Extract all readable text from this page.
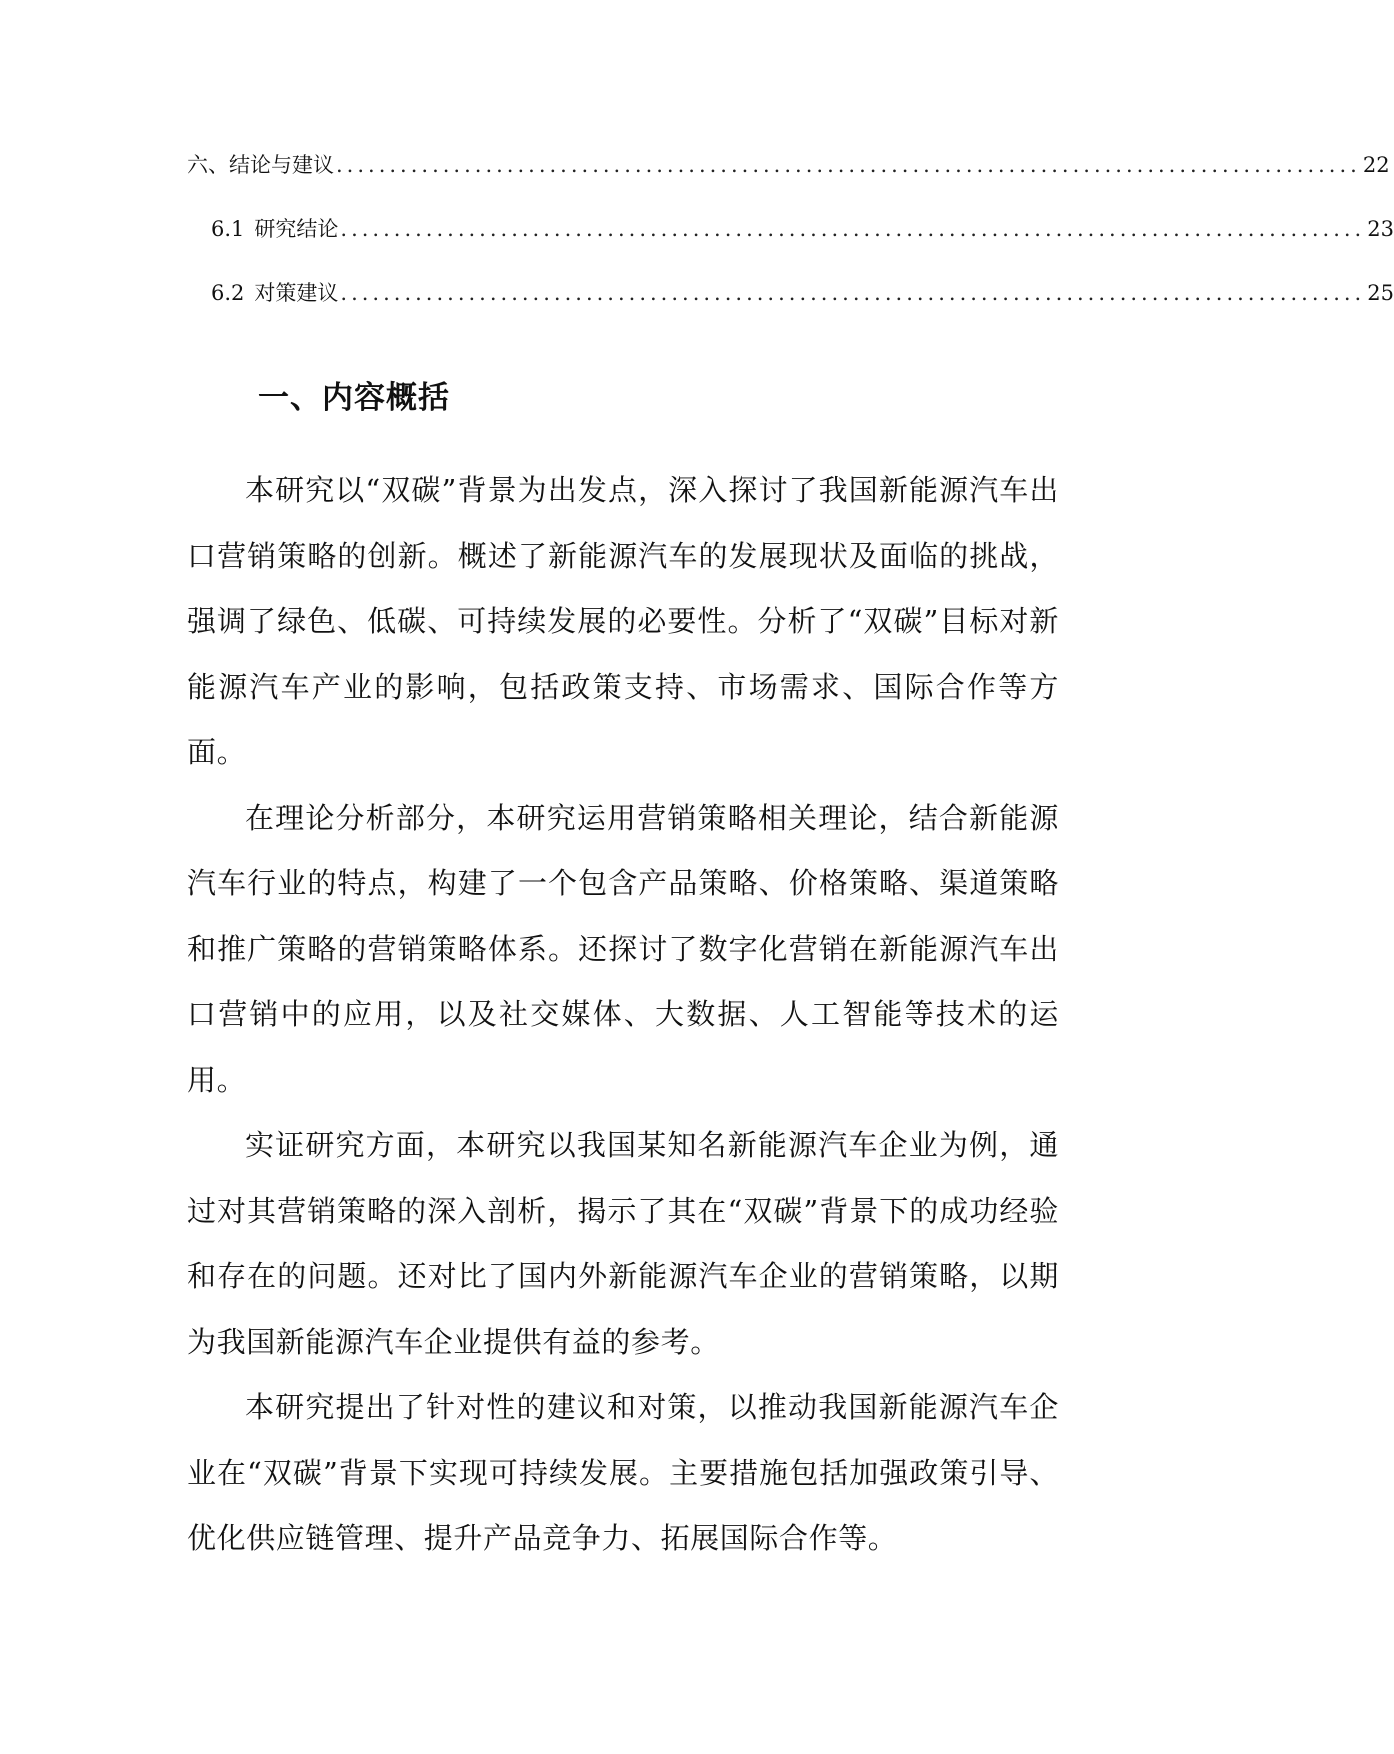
六、结论与建议 ................................................................................................ 22
6.1 研究结论 ................................................................................................ 23
6.2 对策建议 ................................................................................................ 25
一、内容概括

本研究以“双碳”背景为出发点，深入探讨了我国新能源汽车出口营销策略的创新。概述了新能源汽车的发展现状及面临的挑战，强调了绿色、低碳、可持续发展的必要性。分析了“双碳”目标对新能源汽车产业的影响，包括政策支持、市场需求、国际合作等方面。

在理论分析部分，本研究运用营销策略相关理论，结合新能源汽车行业的特点，构建了一个包含产品策略、价格策略、渠道策略和推广策略的营销策略体系。还探讨了数字化营销在新能源汽车出口营销中的应用，以及社交媒体、大数据、人工智能等技术的运用。

实证研究方面，本研究以我国某知名新能源汽车企业为例，通过对其营销策略的深入剖析，揭示了其在“双碳”背景下的成功经验和存在的问题。还对比了国内外新能源汽车企业的营销策略，以期为我国新能源汽车企业提供有益的参考。

本研究提出了针对性的建议和对策，以推动我国新能源汽车企业在“双碳”背景下实现可持续发展。主要措施包括加强政策引导、优化供应链管理、提升产品竞争力、拓展国际合作等。
